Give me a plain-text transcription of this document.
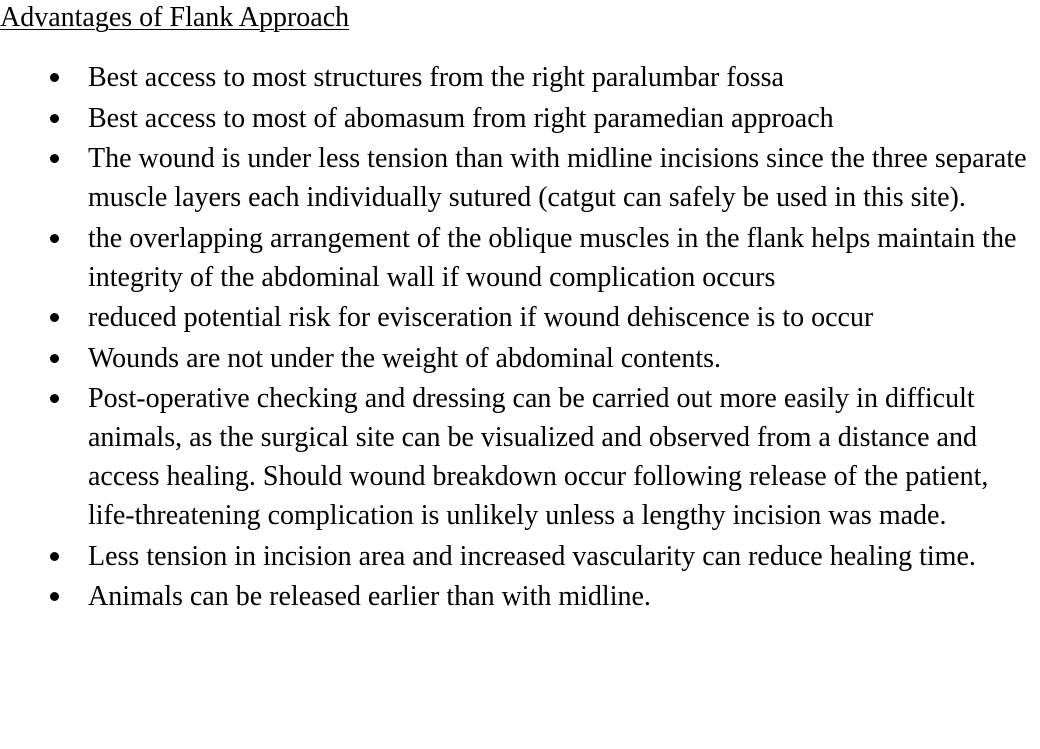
Advantages of Flank Approach
Best access to most structures from the right paralumbar fossa
Best access to most of abomasum from right paramedian approach
The wound is under less tension than with midline incisions since the three separate muscle layers each individually sutured (catgut can safely be used in this site).
the overlapping arrangement of the oblique muscles in the flank helps maintain the integrity of the abdominal wall if wound complication occurs
reduced potential risk for evisceration if wound dehiscence is to occur
Wounds are not under the weight of abdominal contents.
Post-operative checking and dressing can be carried out more easily in difficult animals, as the surgical site can be visualized and observed from a distance and access healing. Should wound breakdown occur following release of the patient, life-threatening complication is unlikely unless a lengthy incision was made.
Less tension in incision area and increased vascularity can reduce healing time.
Animals can be released earlier than with midline.
